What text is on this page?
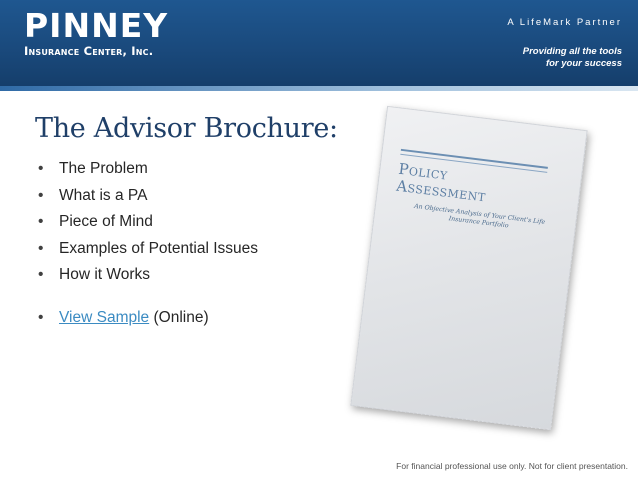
PINNEY
Insurance Center, Inc.
A LifeMark Partner
Providing all the tools
for your success
The Advisor Brochure:
• The Problem
• What is a PA
• Piece of Mind
• Examples of Potential Issues
• How it Works
• View Sample (Online)
Policy
Assessment
An Objective Analysis of Your Client's Life Insurance Portfolio
For financial professional use only. Not for client presentation.
